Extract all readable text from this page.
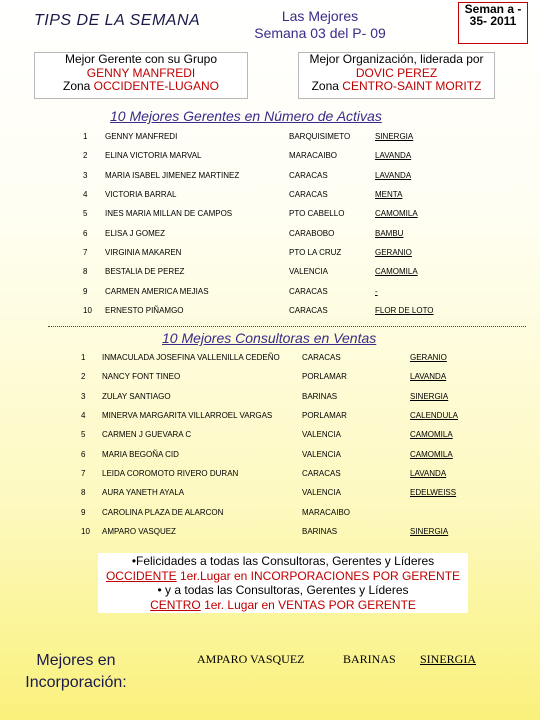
TIPS DE LA SEMANA	Las Mejores
Semana 03 del P- 09
Seman a - 35- 2011
Mejor Gerente con su Grupo
GENNY MANFREDI
Zona OCCIDENTE-LUGANO
Mejor Organización, liderada por
DOVIC PEREZ
Zona CENTRO-SAINT MORITZ
10 Mejores Gerentes en Número de Activas
1	GENNY MANFREDI	BARQUISIMETO	SINERGIA
2	ELINA VICTORIA MARVAL	MARACAIBO	LAVANDA
3	MARIA ISABEL JIMENEZ MARTINEZ	CARACAS	LAVANDA
4	VICTORIA BARRAL	CARACAS	MENTA
5	INES MARIA MILLAN DE CAMPOS	PTO CABELLO	CAMOMILA
6	ELISA J GOMEZ	CARABOBO	BAMBU
7	VIRGINIA MAKAREN	PTO LA CRUZ	GERANIO
8	BESTALIA DE PEREZ	VALENCIA	CAMOMILA
9	CARMEN AMERICA MEJIAS	CARACAS	-
10	ERNESTO PIÑAMGO	CARACAS	FLOR DE LOTO
10 Mejores Consultoras en Ventas
1	INMACULADA JOSEFINA VALLENILLA CEDEÑO	CARACAS	GERANIO
2	NANCY FONT TINEO	PORLAMAR	LAVANDA
3	ZULAY SANTIAGO	BARINAS	SINERGIA
4	MINERVA MARGARITA VILLARROEL VARGAS	PORLAMAR	CALENDULA
5	CARMEN J GUEVARA C	VALENCIA	CAMOMILA
6	MARIA BEGOÑA CID	VALENCIA	CAMOMILA
7	LEIDA COROMOTO RIVERO DURAN	CARACAS	LAVANDA
8	AURA YANETH AYALA	VALENCIA	EDELWEISS
9	CAROLINA PLAZA DE ALARCON	MARACAIBO	
10	AMPARO VASQUEZ	BARINAS	SINERGIA
•Felicidades a todas las Consultoras, Gerentes y Líderes
OCCIDENTE 1er.Lugar en INCORPORACIONES POR GERENTE
• y a todas las Consultoras, Gerentes y Líderes
CENTRO 1er. Lugar en VENTAS POR GERENTE
Mejores en
Incorporación:
AMPARO VASQUEZ	BARINAS SINERGIA
